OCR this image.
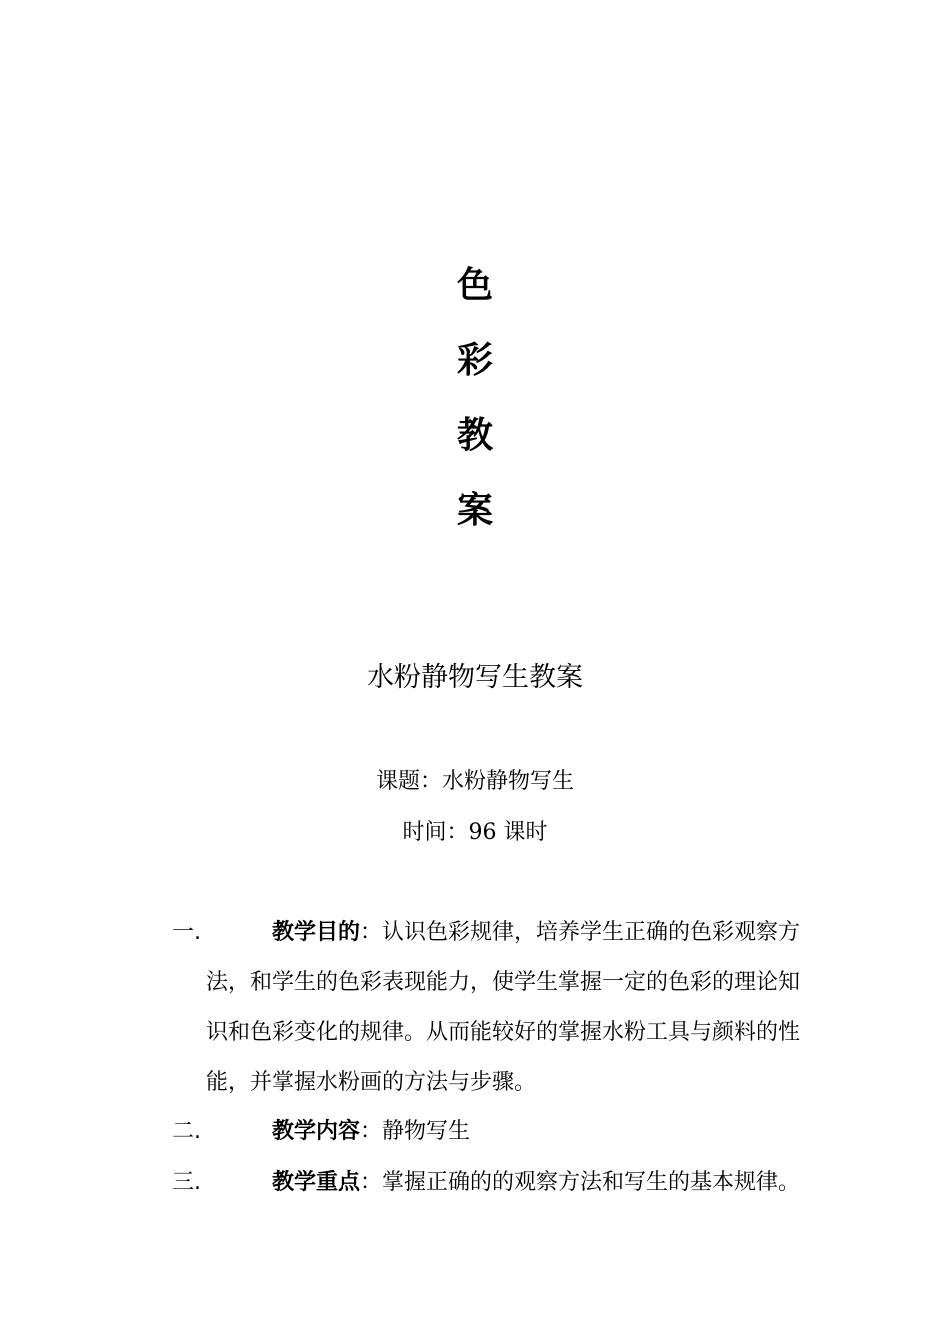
色
彩
教
案
水粉静物写生教案
课题：水粉静物写生
时间：96 课时
一.	教学目的：认识色彩规律，培养学生正确的色彩观察方
法，和学生的色彩表现能力，使学生掌握一定的色彩的理论知
识和色彩变化的规律。从而能较好的掌握水粉工具与颜料的性
能，并掌握水粉画的方法与步骤。
二.	教学内容：静物写生
三.	教学重点：掌握正确的的观察方法和写生的基本规律。
